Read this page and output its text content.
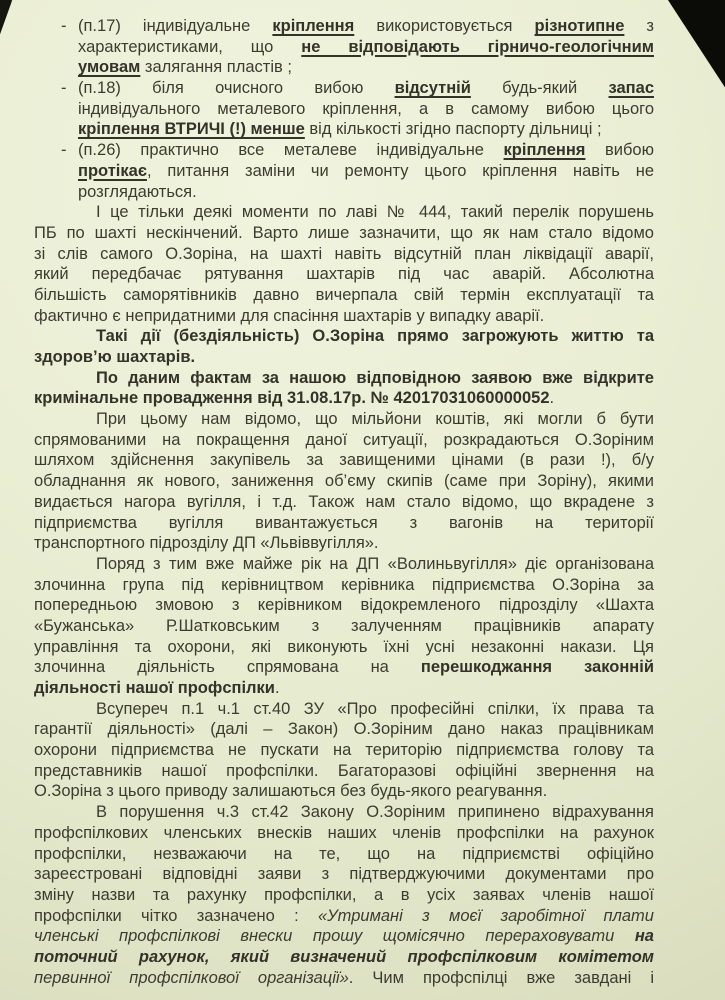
- (п.17) індивідуальне кріплення використовується різнотипне з
характеристиками, що не відповідають гірничо-геологічним
умовам залягання пластів ;
- (п.18) біля очисного вибою відсутній будь-який запас
індивідуального металевого кріплення, а в самому вибою цього
кріплення ВТРИЧІ (!) менше від кількості згідно паспорту дільниці ;
- (п.26) практично все металеве індивідуальне кріплення вибою
протікає, питання заміни чи ремонту цього кріплення навіть не
розглядаються.
І це тільки деякі моменти по лаві № 444, такий перелік порушень
ПБ по шахті нескінчений. Варто лише зазначити, що як нам стало відомо
зі слів самого О.Зоріна, на шахті навіть відсутній план ліквідації аварії,
який передбачає рятування шахтарів під час аварій. Абсолютна
більшість саморятівників давно вичерпала свій термін експлуатації та
фактично є непридатними для спасіння шахтарів у випадку аварії.
Такі дії (бездіяльність) О.Зоріна прямо загрожують життю та
здоров’ю шахтарів.
По даним фактам за нашою відповідною заявою вже відкрите
кримінальне провадження від 31.08.17р. № 42017031060000052.
При цьому нам відомо, що мільйони коштів, які могли б бути
спрямованими на покращення даної ситуації, розкрадаються О.Зоріним
шляхом здійснення закупівель за завищеними цінами (в рази !), б/у
обладнання як нового, заниження об’єму скипів (саме при Зоріну), якими
видається нагора вугілля, і т.д. Також нам стало відомо, що вкрадене з
підприємства вугілля вивантажується з вагонів на території
транспортного підрозділу ДП «Львіввугілля».
Поряд з тим вже майже рік на ДП «Волиньвугілля» діє організована
злочинна група під керівництвом керівника підприємства О.Зоріна за
попередньою змовою з керівником відокремленого підрозділу «Шахта
«Бужанська» Р.Шатковським з залученням працівників апарату
управління та охорони, які виконують їхні усні незаконні накази. Ця
злочинна діяльність спрямована на перешкоджання законній
діяльності нашої профспілки.
Всупереч п.1 ч.1 ст.40 ЗУ «Про професійні спілки, їх права та
гарантії діяльності» (далі – Закон) О.Зоріним дано наказ працівникам
охорони підприємства не пускати на територію підприємства голову та
представників нашої профспілки. Багаторазові офіційні звернення на
О.Зоріна з цього приводу залишаються без будь-якого реагування.
В порушення ч.3 ст.42 Закону О.Зоріним припинено відрахування
профспілкових членських внесків наших членів профспілки на рахунок
профспілки, незважаючи на те, що на підприємстві офіційно
зареєстровані відповідні заяви з підтверджуючими документами про
зміну назви та рахунку профспілки, а в усіх заявах членів нашої
профспілки чітко зазначено : «Утримані з моєї заробітної плати
членські профспілкові внески прошу щомісячно перераховувати на
поточний рахунок, який визначений профспілковим комітетом
первинної профспілкової організації». Чим профспілці вже завдані і
